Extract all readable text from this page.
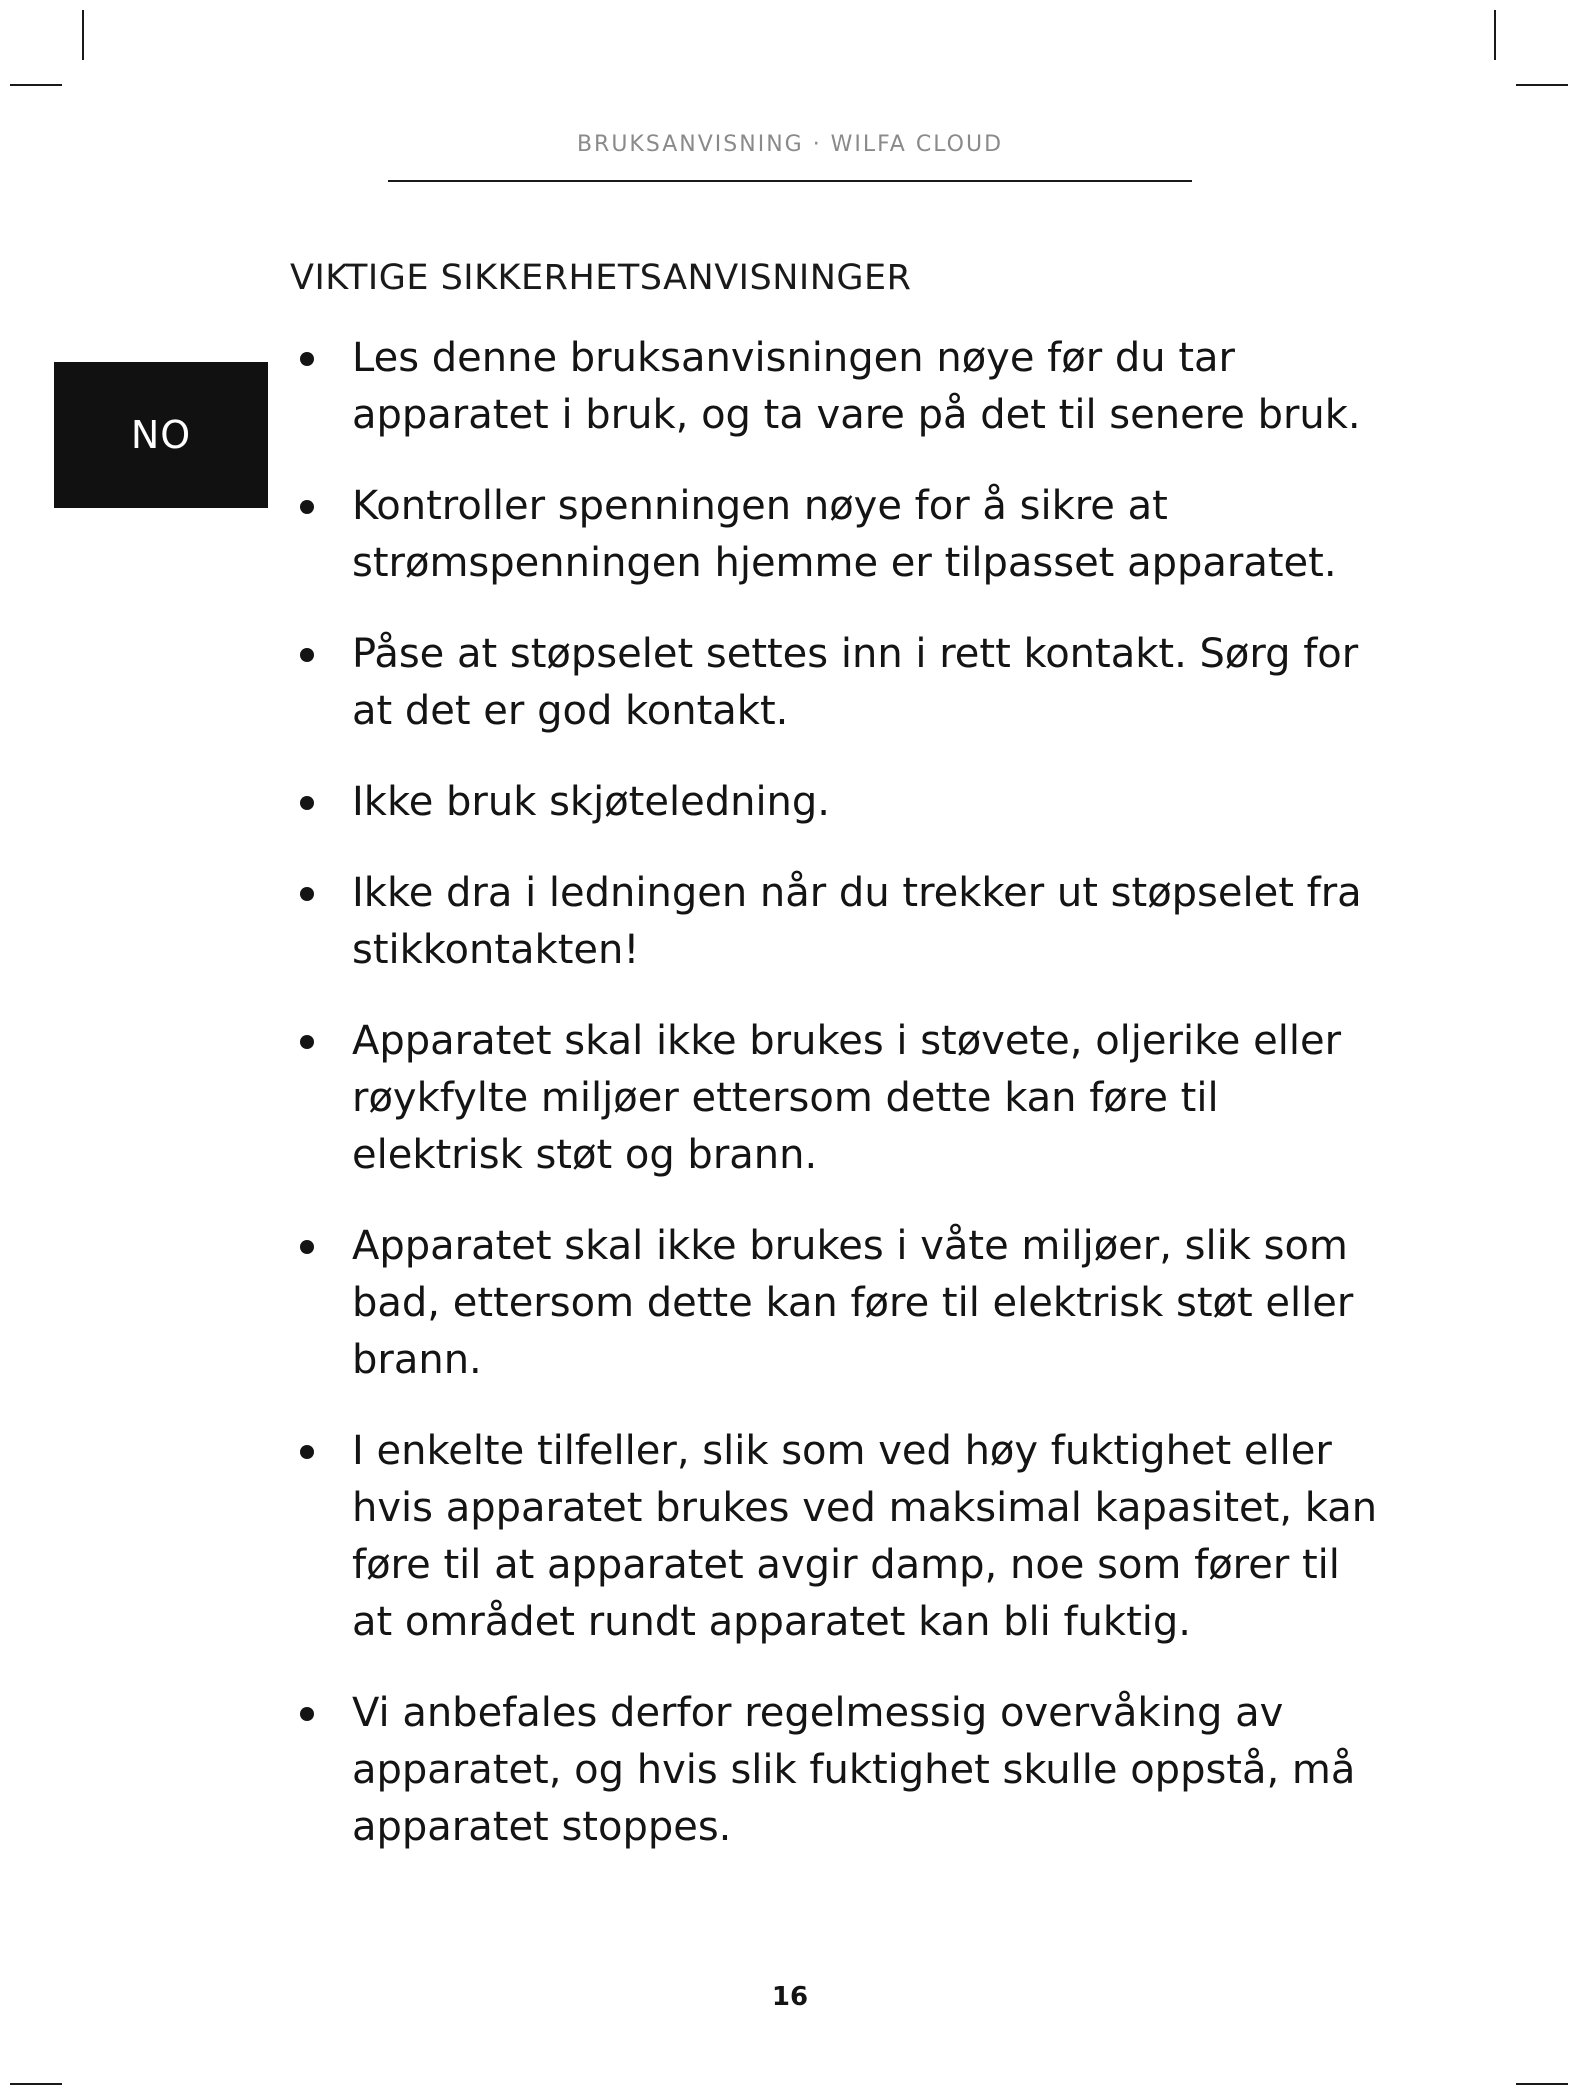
BRUKSANVISNING · WILFA CLOUD
NO
VIKTIGE SIKKERHETSANVISNINGER
Les denne bruksanvisningen nøye før du tar apparatet i bruk, og ta vare på det til senere bruk.
Kontroller spenningen nøye for å sikre at strømspenningen hjemme er tilpasset apparatet.
Påse at støpselet settes inn i rett kontakt. Sørg for at det er god kontakt.
Ikke bruk skjøteledning.
Ikke dra i ledningen når du trekker ut støpselet fra stikkontakten!
Apparatet skal ikke brukes i støvete, oljerike eller røykfylte miljøer ettersom dette kan føre til elektrisk støt og brann.
Apparatet skal ikke brukes i våte miljøer, slik som bad, ettersom dette kan føre til elektrisk støt eller brann.
I enkelte tilfeller, slik som ved høy fuktighet eller hvis apparatet brukes ved maksimal kapasitet, kan føre til at apparatet avgir damp, noe som fører til at området rundt apparatet kan bli fuktig.
Vi anbefales derfor regelmessig overvåking av apparatet, og hvis slik fuktighet skulle oppstå, må apparatet stoppes.
16
